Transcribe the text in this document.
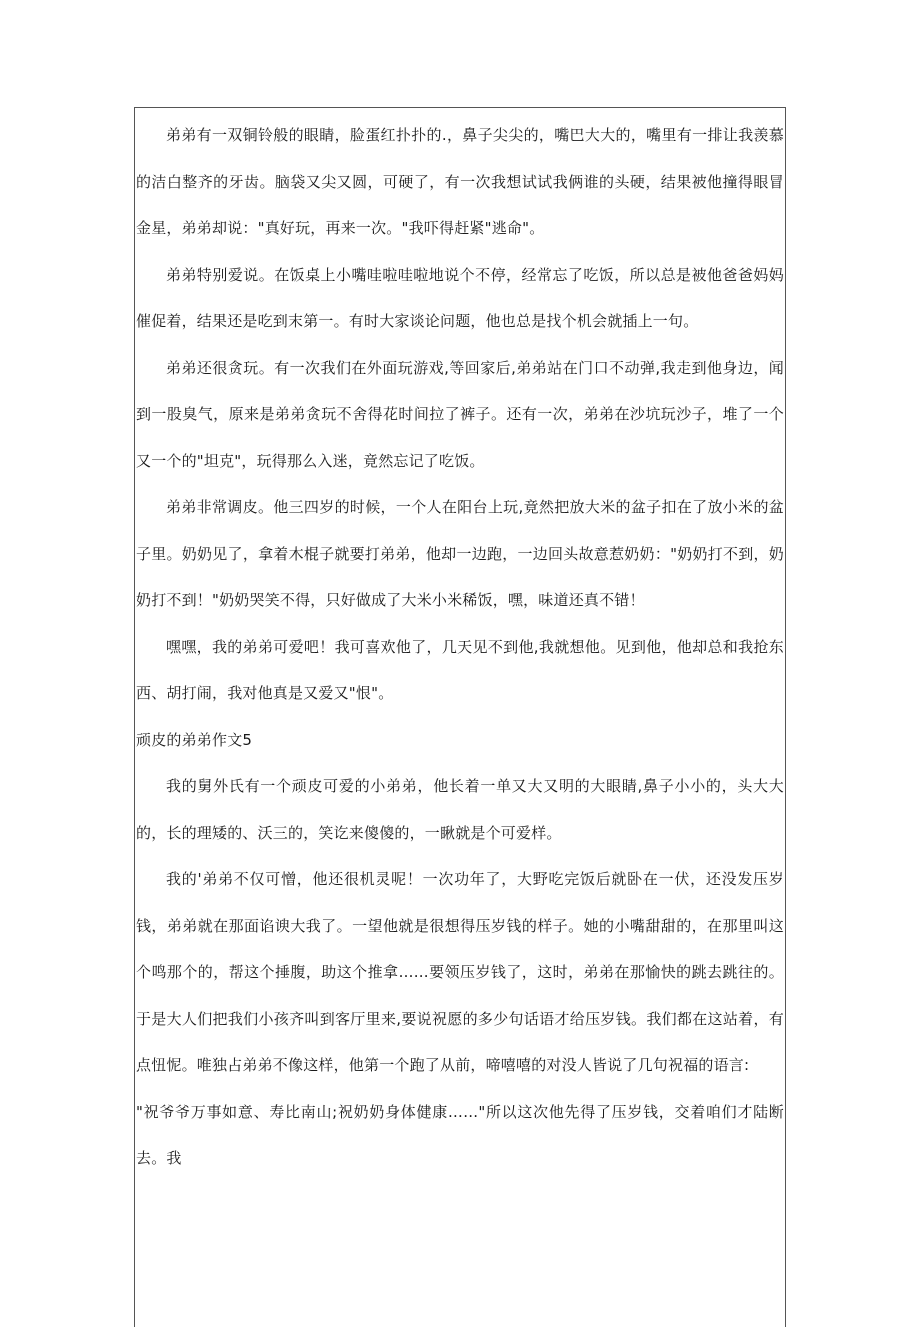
弟弟有一双铜铃般的眼睛，脸蛋红扑扑的.，鼻子尖尖的，嘴巴大大的，嘴里有一排让我羡慕的洁白整齐的牙齿。脑袋又尖又圆，可硬了，有一次我想试试我俩谁的头硬，结果被他撞得眼冒金星，弟弟却说："真好玩，再来一次。"我吓得赶紧"逃命"。

弟弟特别爱说。在饭桌上小嘴哇啦哇啦地说个不停，经常忘了吃饭，所以总是被他爸爸妈妈催促着，结果还是吃到末第一。有时大家谈论问题，他也总是找个机会就插上一句。

弟弟还很贪玩。有一次我们在外面玩游戏,等回家后,弟弟站在门口不动弹,我走到他身边，闻到一股臭气，原来是弟弟贪玩不舍得花时间拉了裤子。还有一次，弟弟在沙坑玩沙子，堆了一个又一个的"坦克"，玩得那么入迷，竟然忘记了吃饭。

弟弟非常调皮。他三四岁的时候，一个人在阳台上玩,竟然把放大米的盆子扣在了放小米的盆子里。奶奶见了，拿着木棍子就要打弟弟，他却一边跑，一边回头故意惹奶奶："奶奶打不到，奶奶打不到！"奶奶哭笑不得，只好做成了大米小米稀饭，嘿，味道还真不错！

嘿嘿，我的弟弟可爱吧！我可喜欢他了，几天见不到他,我就想他。见到他，他却总和我抢东西、胡打闹，我对他真是又爱又"恨"。

顽皮的弟弟作文5

我的舅外氏有一个顽皮可爱的小弟弟，他长着一单又大又明的大眼睛,鼻子小小的，头大大的，长的理矮的、沃三的，笑讫来傻傻的，一瞅就是个可爱样。

我的'弟弟不仅可憎，他还很机灵呢！一次功年了，大野吃完饭后就卧在一伏，还没发压岁钱，弟弟就在那面谄谀大我了。一望他就是很想得压岁钱的样子。她的小嘴甜甜的，在那里叫这个鸣那个的，帮这个捶腹，助这个推拿……要领压岁钱了，这时，弟弟在那愉快的跳去跳往的。于是大人们把我们小孩齐叫到客厅里来,要说祝愿的多少句话语才给压岁钱。我们都在这站着，有点忸怩。唯独占弟弟不像这样，他第一个跑了从前，啼嘻嘻的对没人皆说了几句祝福的语言:

"祝爷爷万事如意、寿比南山;祝奶奶身体健康……"所以这次他先得了压岁钱，交着咱们才陆断去。我
